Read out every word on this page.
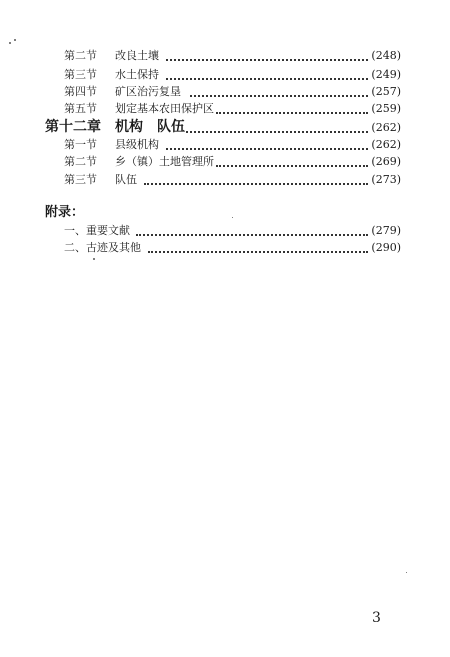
第二节 改良土壤	(248)
第三节 水土保持	(249)
第四节 矿区治污复垦	(257)
第五节 划定基本农田保护区	(259)
第十二章 机构　队伍	(262)
第一节 县级机构	(262)
第二节 乡（镇）土地管理所	(269)
第三节 队伍	(273)
附录：
一、重要文献	(279)
二、古迹及其他	(290)
3
